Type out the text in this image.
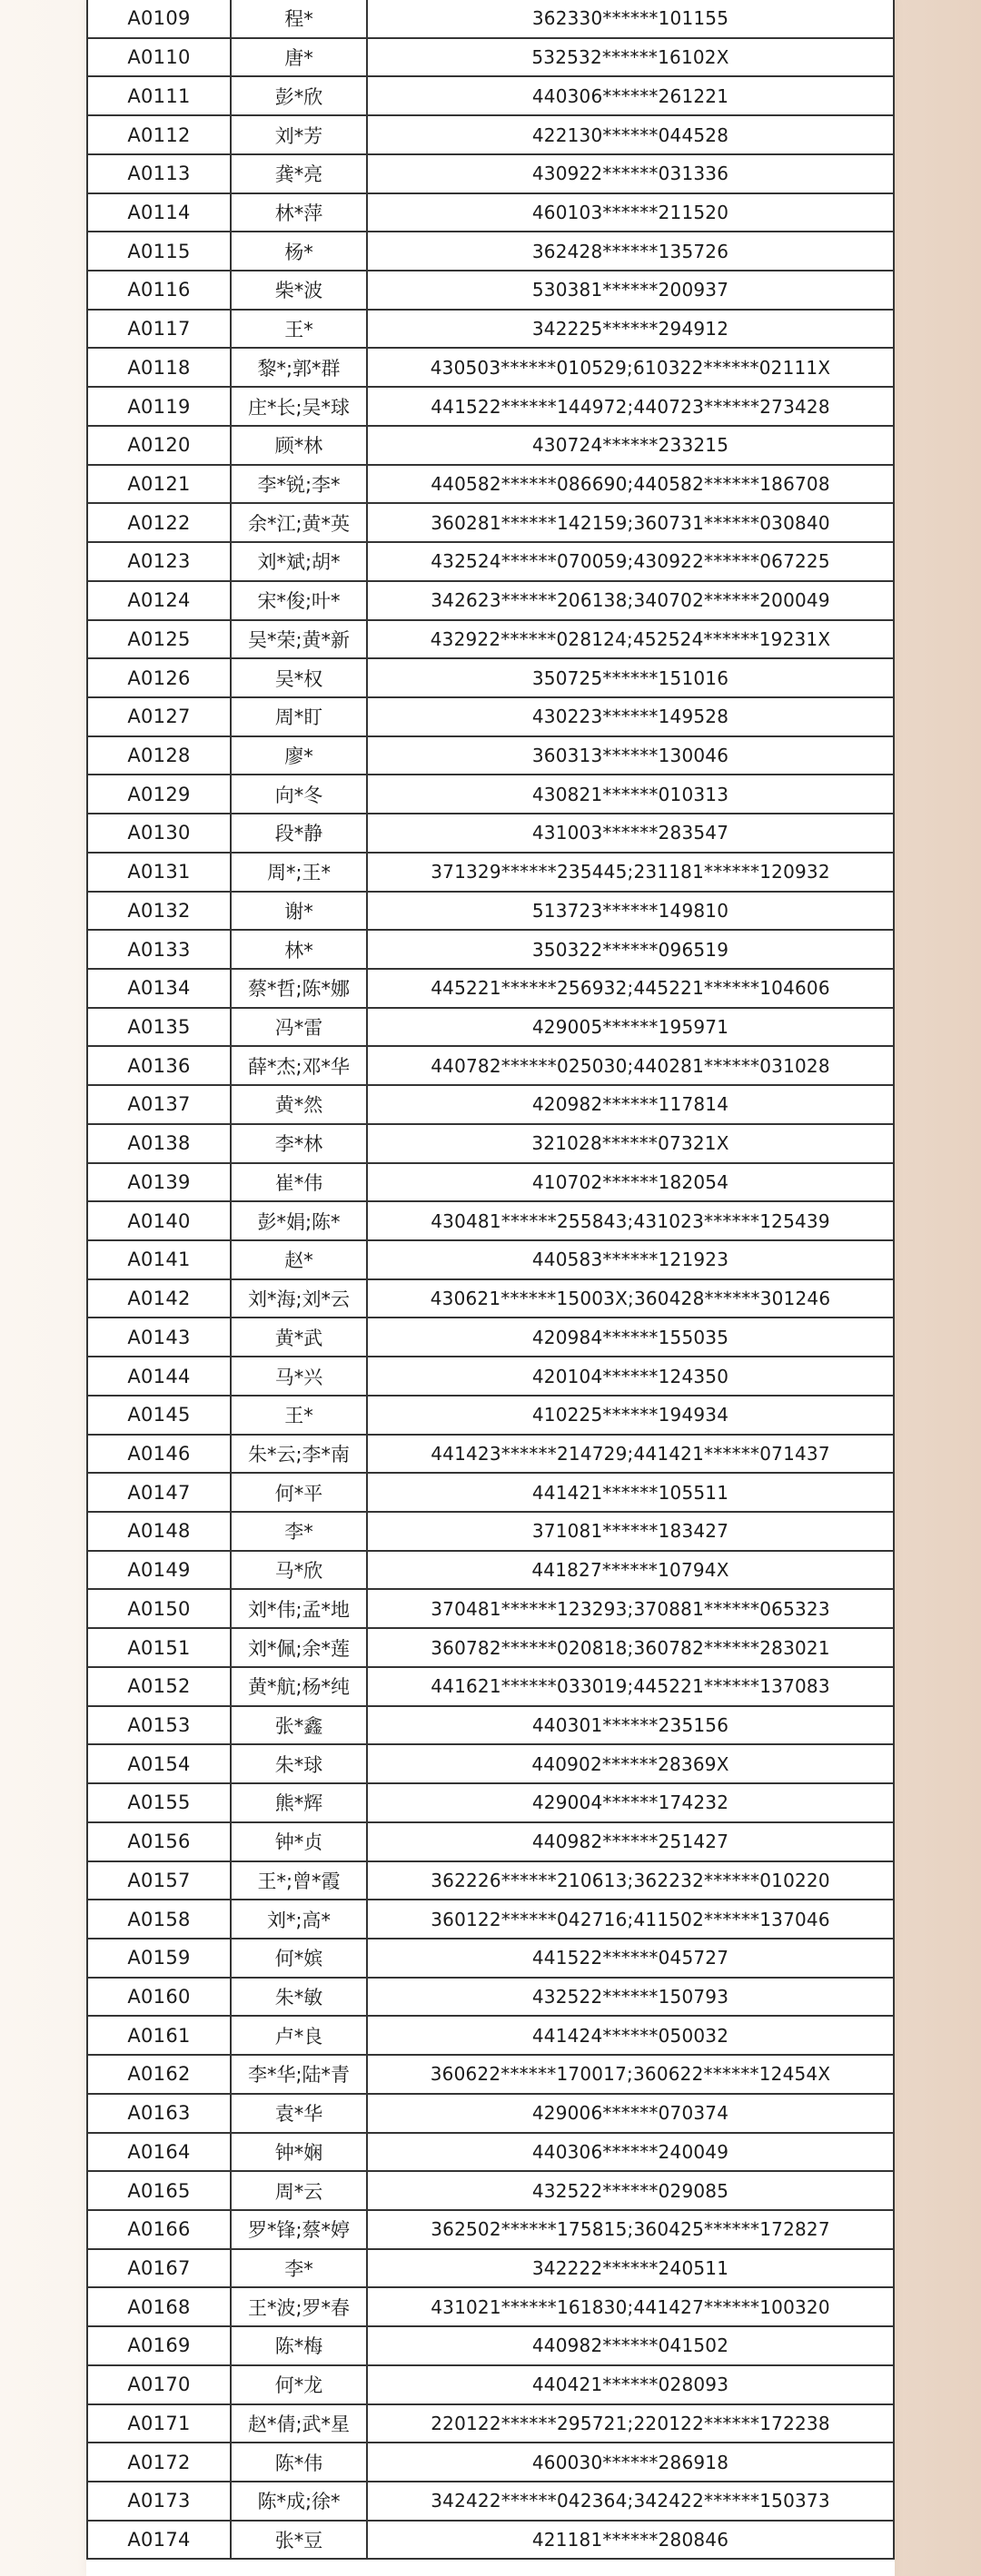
A0109	程*	362330******101155
A0110	唐*	532532******16102X
A0111	彭*欣	440306******261221
A0112	刘*芳	422130******044528
A0113	龚*亮	430922******031336
A0114	林*萍	460103******211520
A0115	杨*	362428******135726
A0116	柴*波	530381******200937
A0117	王*	342225******294912
A0118	黎*;郭*群	430503******010529;610322******02111X
A0119	庄*长;吴*球	441522******144972;440723******273428
A0120	顾*林	430724******233215
A0121	李*锐;李*	440582******086690;440582******186708
A0122	余*江;黄*英	360281******142159;360731******030840
A0123	刘*斌;胡*	432524******070059;430922******067225
A0124	宋*俊;叶*	342623******206138;340702******200049
A0125	吴*荣;黄*新	432922******028124;452524******19231X
A0126	吴*权	350725******151016
A0127	周*盯	430223******149528
A0128	廖*	360313******130046
A0129	向*冬	430821******010313
A0130	段*静	431003******283547
A0131	周*;王*	371329******235445;231181******120932
A0132	谢*	513723******149810
A0133	林*	350322******096519
A0134	蔡*哲;陈*娜	445221******256932;445221******104606
A0135	冯*雷	429005******195971
A0136	薛*杰;邓*华	440782******025030;440281******031028
A0137	黄*然	420982******117814
A0138	李*林	321028******07321X
A0139	崔*伟	410702******182054
A0140	彭*娟;陈*	430481******255843;431023******125439
A0141	赵*	440583******121923
A0142	刘*海;刘*云	430621******15003X;360428******301246
A0143	黄*武	420984******155035
A0144	马*兴	420104******124350
A0145	王*	410225******194934
A0146	朱*云;李*南	441423******214729;441421******071437
A0147	何*平	441421******105511
A0148	李*	371081******183427
A0149	马*欣	441827******10794X
A0150	刘*伟;孟*地	370481******123293;370881******065323
A0151	刘*佩;余*莲	360782******020818;360782******283021
A0152	黄*航;杨*纯	441621******033019;445221******137083
A0153	张*鑫	440301******235156
A0154	朱*球	440902******28369X
A0155	熊*辉	429004******174232
A0156	钟*贞	440982******251427
A0157	王*;曾*霞	362226******210613;362232******010220
A0158	刘*;高*	360122******042716;411502******137046
A0159	何*嫔	441522******045727
A0160	朱*敏	432522******150793
A0161	卢*良	441424******050032
A0162	李*华;陆*青	360622******170017;360622******12454X
A0163	袁*华	429006******070374
A0164	钟*娴	440306******240049
A0165	周*云	432522******029085
A0166	罗*锋;蔡*婷	362502******175815;360425******172827
A0167	李*	342222******240511
A0168	王*波;罗*春	431021******161830;441427******100320
A0169	陈*梅	440982******041502
A0170	何*龙	440421******028093
A0171	赵*倩;武*星	220122******295721;220122******172238
A0172	陈*伟	460030******286918
A0173	陈*成;徐*	342422******042364;342422******150373
A0174	张*豆	421181******280846
